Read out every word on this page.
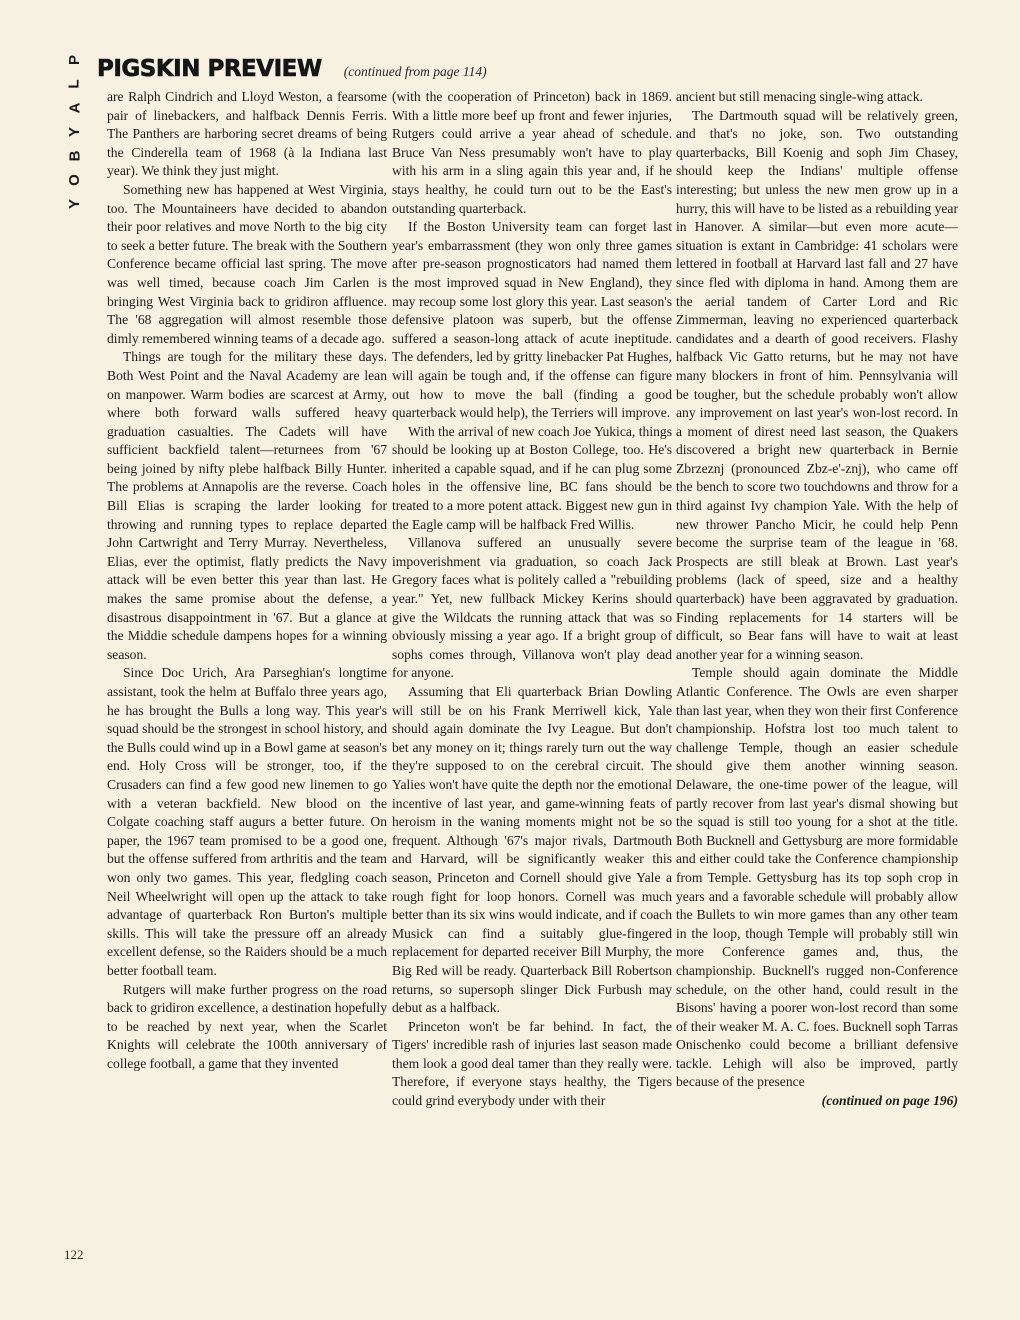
P
L
A
Y
B
O
Y
PIGSKIN PREVIEW (continued from page 114)

are Ralph Cindrich and Lloyd Weston, a fearsome pair of linebackers, and halfback Dennis Ferris. The Panthers are harboring secret dreams of being the Cinderella team of 1968 (à la Indiana last year). We think they just might.

Something new has happened at West Virginia, too. The Mountaineers have decided to abandon their poor relatives and move North to the big city to seek a better future. The break with the Southern Conference became official last spring. The move was well timed, because coach Jim Carlen is bringing West Virginia back to gridiron affluence. The '68 aggregation will almost resemble those dimly remembered winning teams of a decade ago.

Things are tough for the military these days. Both West Point and the Naval Academy are lean on manpower. Warm bodies are scarcest at Army, where both forward walls suffered heavy graduation casualties. The Cadets will have sufficient backfield talent—returnees from '67 being joined by nifty plebe halfback Billy Hunter. The problems at Annapolis are the reverse. Coach Bill Elias is scraping the larder looking for throwing and running types to replace departed John Cartwright and Terry Murray. Nevertheless, Elias, ever the optimist, flatly predicts the Navy attack will be even better this year than last. He makes the same promise about the defense, a disastrous disappointment in '67. But a glance at the Middie schedule dampens hopes for a winning season.

Since Doc Urich, Ara Parseghian's longtime assistant, took the helm at Buffalo three years ago, he has brought the Bulls a long way. This year's squad should be the strongest in school history, and the Bulls could wind up in a Bowl game at season's end. Holy Cross will be stronger, too, if the Crusaders can find a few good new linemen to go with a veteran backfield. New blood on the Colgate coaching staff augurs a better future. On paper, the 1967 team promised to be a good one, but the offense suffered from arthritis and the team won only two games. This year, fledgling coach Neil Wheelwright will open up the attack to take advantage of quarterback Ron Burton's multiple skills. This will take the pressure off an already excellent defense, so the Raiders should be a much better football team.

Rutgers will make further progress on the road back to gridiron excellence, a destination hopefully to be reached by next year, when the Scarlet Knights will celebrate the 100th anniversary of college football, a game that they invented

(with the cooperation of Princeton) back in 1869. With a little more beef up front and fewer injuries, Rutgers could arrive a year ahead of schedule. Bruce Van Ness presumably won't have to play with his arm in a sling again this year and, if he stays healthy, he could turn out to be the East's outstanding quarterback.

If the Boston University team can forget last year's embarrassment (they won only three games after pre-season prognosticators had named them the most improved squad in New England), they may recoup some lost glory this year. Last season's defensive platoon was superb, but the offense suffered a season-long attack of acute ineptitude. The defenders, led by gritty linebacker Pat Hughes, will again be tough and, if the offense can figure out how to move the ball (finding a good quarterback would help), the Terriers will improve.

With the arrival of new coach Joe Yukica, things should be looking up at Boston College, too. He's inherited a capable squad, and if he can plug some holes in the offensive line, BC fans should be treated to a more potent attack. Biggest new gun in the Eagle camp will be halfback Fred Willis.

Villanova suffered an unusually severe impoverishment via graduation, so coach Jack Gregory faces what is politely called a "rebuilding year." Yet, new fullback Mickey Kerins should give the Wildcats the running attack that was so obviously missing a year ago. If a bright group of sophs comes through, Villanova won't play dead for anyone.

Assuming that Eli quarterback Brian Dowling will still be on his Frank Merriwell kick, Yale should again dominate the Ivy League. But don't bet any money on it; things rarely turn out the way they're supposed to on the cerebral circuit. The Yalies won't have quite the depth nor the emotional incentive of last year, and game-winning feats of heroism in the waning moments might not be so frequent. Although '67's major rivals, Dartmouth and Harvard, will be significantly weaker this season, Princeton and Cornell should give Yale a rough fight for loop honors. Cornell was much better than its six wins would indicate, and if coach Musick can find a suitably glue-fingered replacement for departed receiver Bill Murphy, the Big Red will be ready. Quarterback Bill Robertson returns, so supersoph slinger Dick Furbush may debut as a halfback.

Princeton won't be far behind. In fact, the Tigers' incredible rash of injuries last season made them look a good deal tamer than they really were. Therefore, if everyone stays healthy, the Tigers could grind everybody under with their

ancient but still menacing single-wing attack.

The Dartmouth squad will be relatively green, and that's no joke, son. Two outstanding quarterbacks, Bill Koenig and soph Jim Chasey, should keep the Indians' multiple offense interesting; but unless the new men grow up in a hurry, this will have to be listed as a rebuilding year in Hanover. A similar—but even more acute—situation is extant in Cambridge: 41 scholars were lettered in football at Harvard last fall and 27 have since fled with diploma in hand. Among them are the aerial tandem of Carter Lord and Ric Zimmerman, leaving no experienced quarterback candidates and a dearth of good receivers. Flashy halfback Vic Gatto returns, but he may not have many blockers in front of him. Pennsylvania will be tougher, but the schedule probably won't allow any improvement on last year's won-lost record. In a moment of direst need last season, the Quakers discovered a bright new quarterback in Bernie Zbrzeznj (pronounced Zbz-e'-znj), who came off the bench to score two touchdowns and throw for a third against Ivy champion Yale. With the help of new thrower Pancho Micir, he could help Penn become the surprise team of the league in '68. Prospects are still bleak at Brown. Last year's problems (lack of speed, size and a healthy quarterback) have been aggravated by graduation. Finding replacements for 14 starters will be difficult, so Bear fans will have to wait at least another year for a winning season.

Temple should again dominate the Middle Atlantic Conference. The Owls are even sharper than last year, when they won their first Conference championship. Hofstra lost too much talent to challenge Temple, though an easier schedule should give them another winning season. Delaware, the one-time power of the league, will partly recover from last year's dismal showing but the squad is still too young for a shot at the title. Both Bucknell and Gettysburg are more formidable and either could take the Conference championship from Temple. Gettysburg has its top soph crop in years and a favorable schedule will probably allow the Bullets to win more games than any other team in the loop, though Temple will probably still win more Conference games and, thus, the championship. Bucknell's rugged non-Conference schedule, on the other hand, could result in the Bisons' having a poorer won-lost record than some of their weaker M. A. C. foes. Bucknell soph Tarras Onischenko could become a brilliant defensive tackle. Lehigh will also be improved, partly because of the presence

(continued on page 196)

122
